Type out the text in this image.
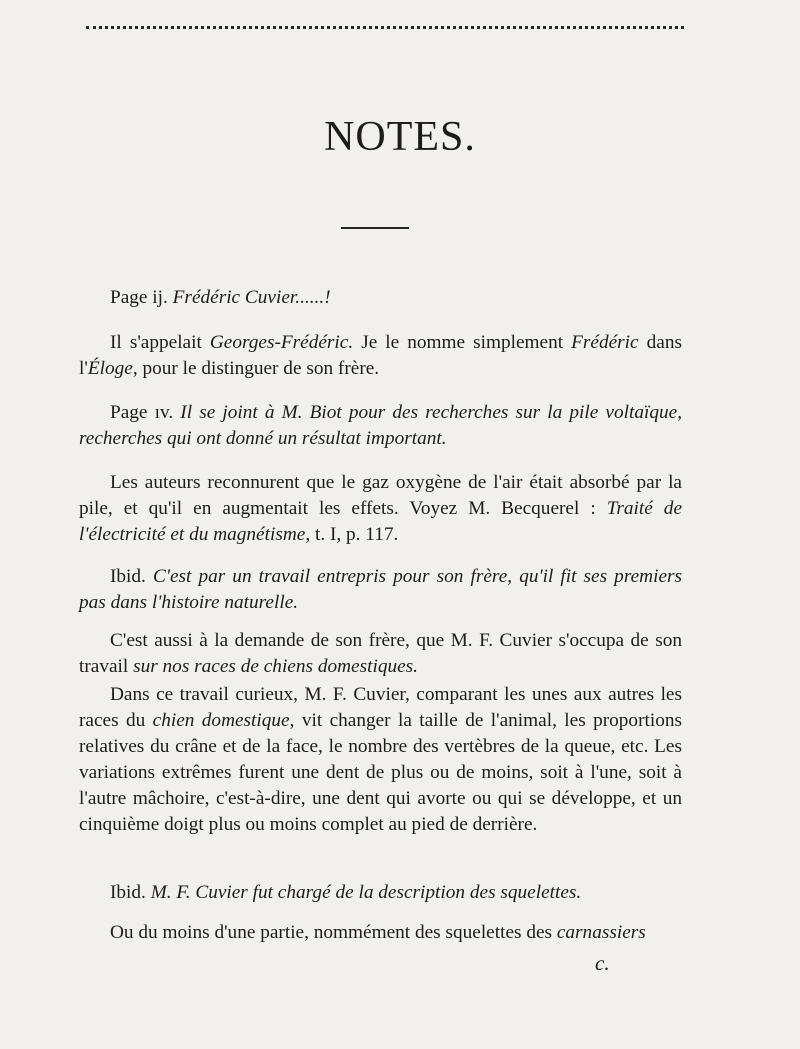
NOTES.

Page ij. Frédéric Cuvier......!

Il s'appelait Georges-Frédéric. Je le nomme simplement Frédéric dans l'Éloge, pour le distinguer de son frère.

Page ıv. Il se joint à M. Biot pour des recherches sur la pile voltaïque, recherches qui ont donné un résultat important.

Les auteurs reconnurent que le gaz oxygène de l'air était absorbé par la pile, et qu'il en augmentait les effets. Voyez M. Becquerel : Traité de l'électricité et du magnétisme, t. I, p. 117.

Ibid. C'est par un travail entrepris pour son frère, qu'il fit ses premiers pas dans l'histoire naturelle.

C'est aussi à la demande de son frère, que M. F. Cuvier s'occupa de son travail sur nos races de chiens domestiques.

Dans ce travail curieux, M. F. Cuvier, comparant les unes aux autres les races du chien domestique, vit changer la taille de l'animal, les proportions relatives du crâne et de la face, le nombre des vertèbres de la queue, etc. Les variations extrêmes furent une dent de plus ou de moins, soit à l'une, soit à l'autre mâchoire, c'est-à-dire, une dent qui avorte ou qui se développe, et un cinquième doigt plus ou moins complet au pied de derrière.

Ibid. M. F. Cuvier fut chargé de la description des squelettes.

Ou du moins d'une partie, nommément des squelettes des carnassiers

c.
